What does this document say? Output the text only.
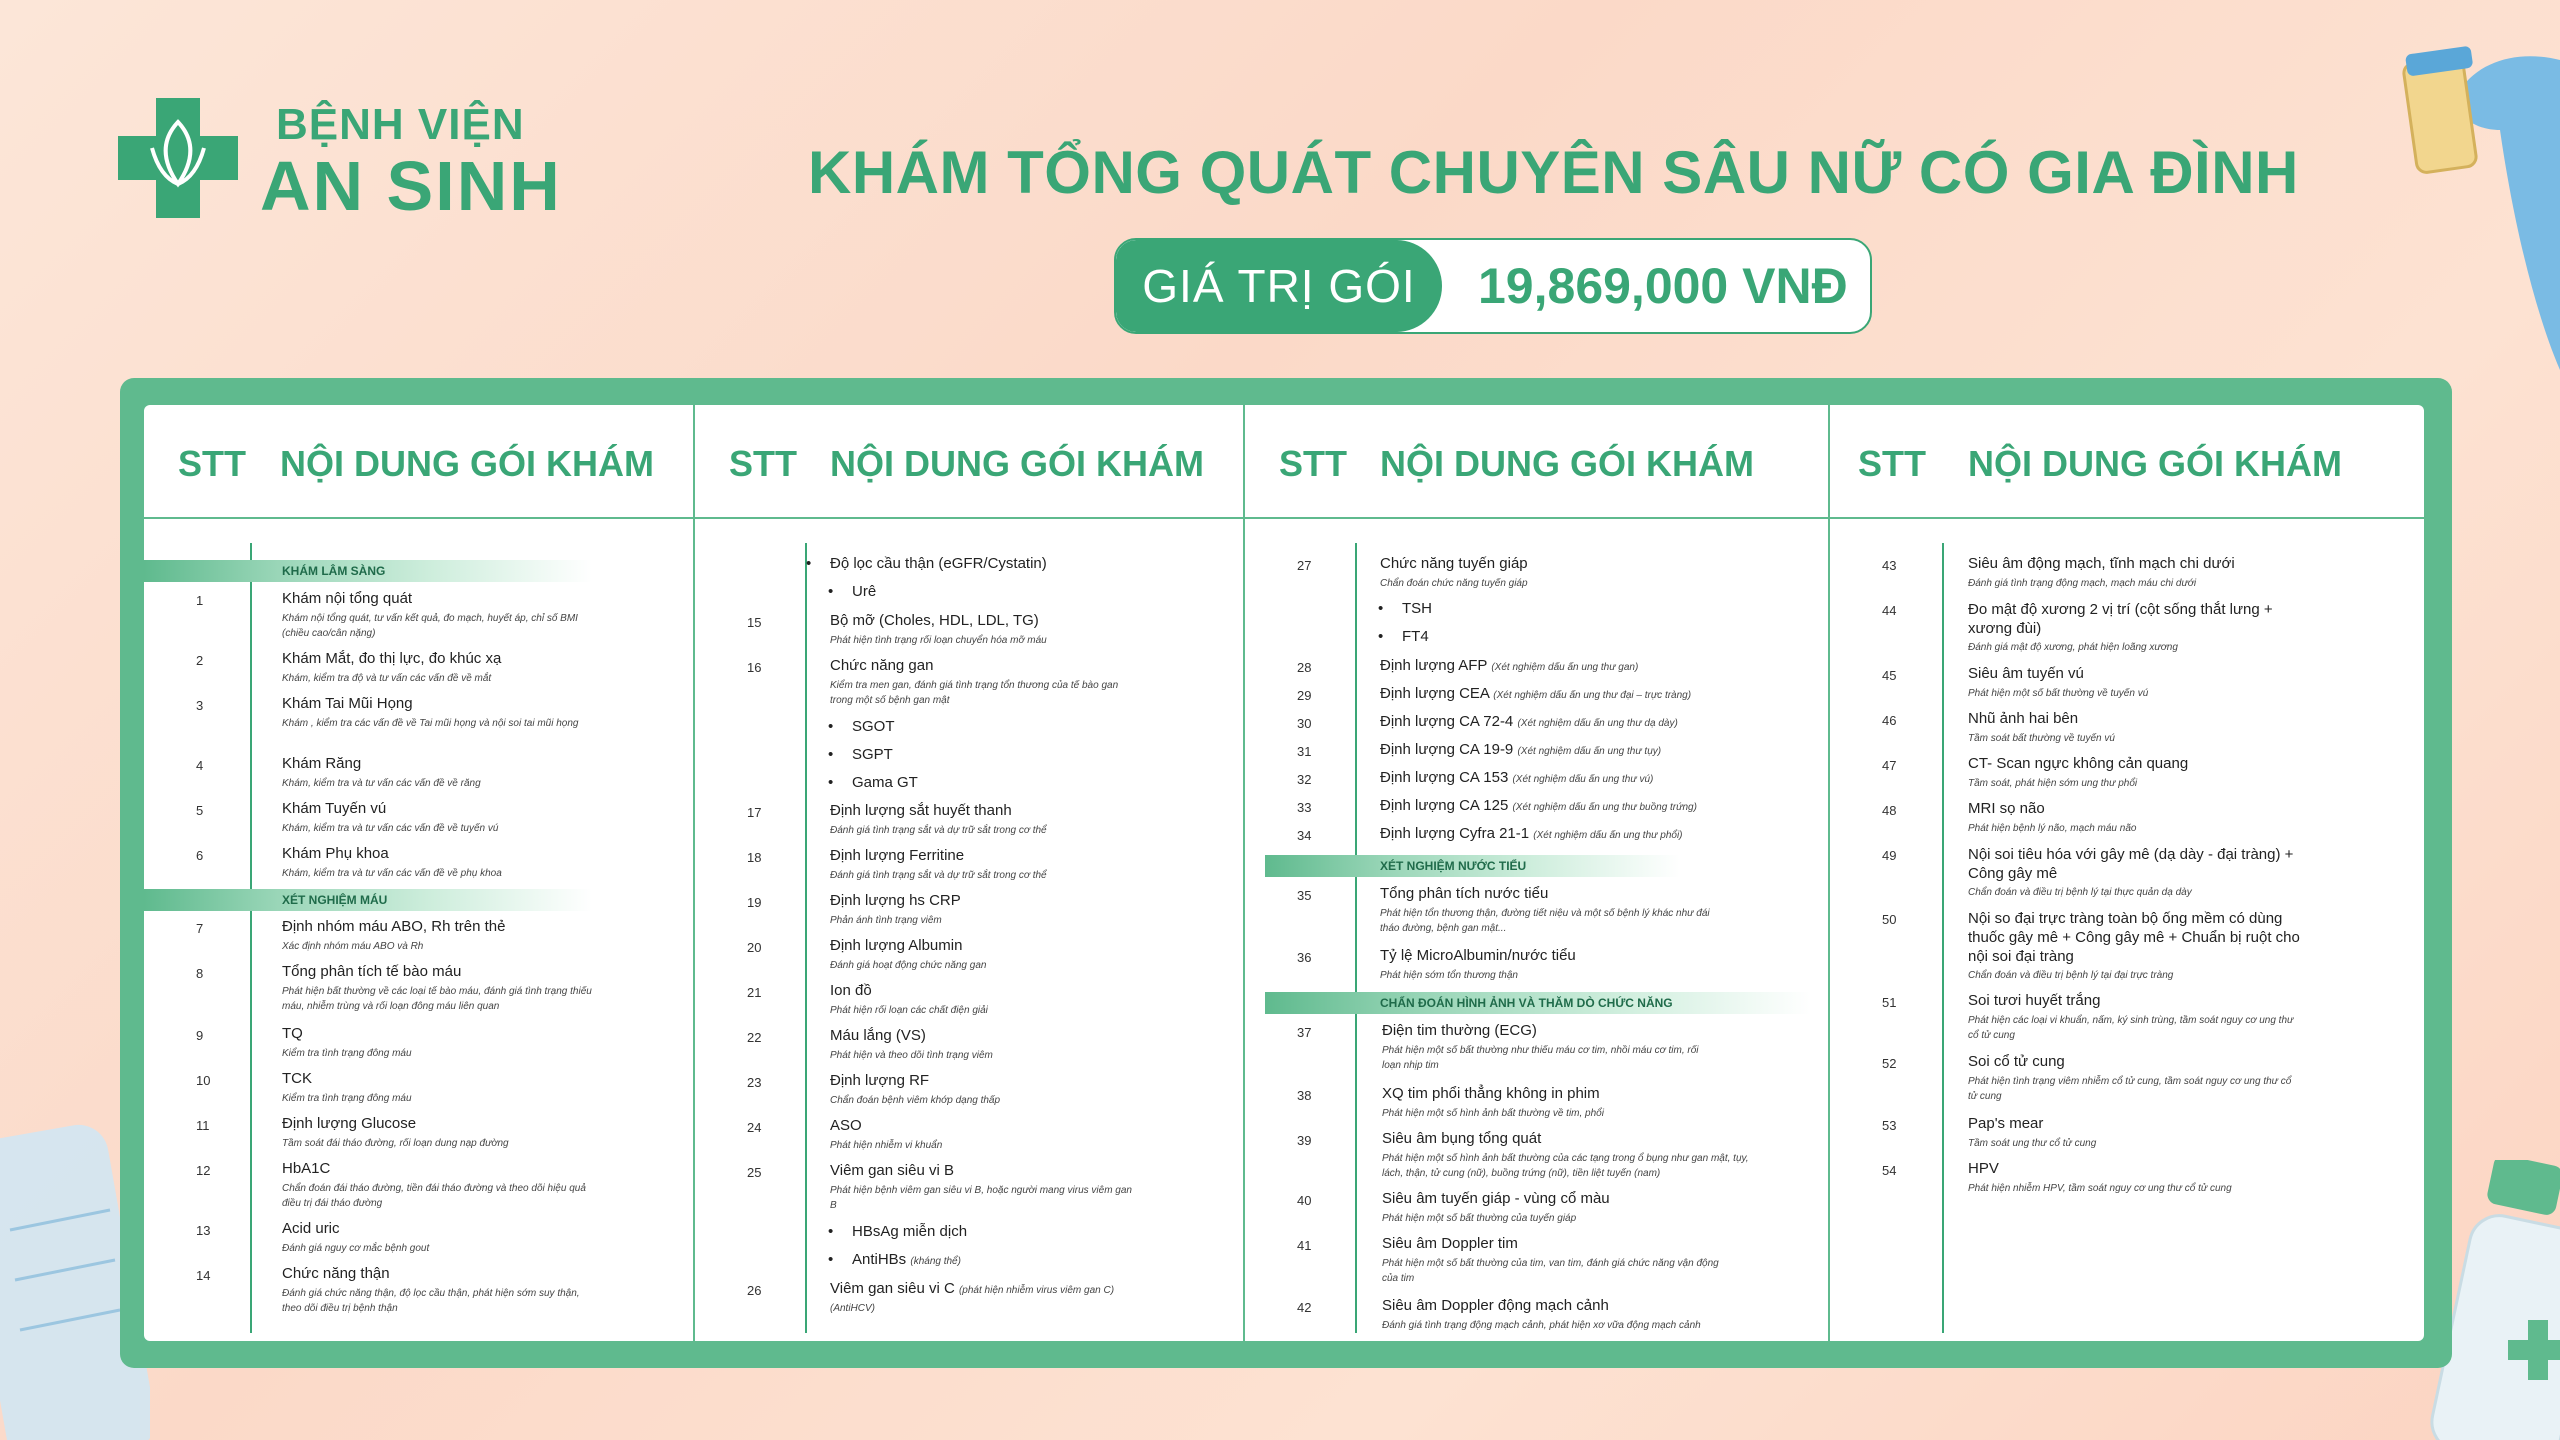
BỆNH VIỆN
AN SINH	KHÁM TỔNG QUÁT CHUYÊN SÂU NỮ CÓ GIA ĐÌNH
GIÁ TRỊ GÓI	19,869,000 VNĐ
STT NỘI DUNG GÓI KHÁM
KHÁM LÂM SÀNG
1	Khám nội tổng quát
Khám nội tổng quát, tư vấn kết quả, đo mạch, huyết áp, chỉ số BMI (chiều cao/cân nặng)
2	Khám Mắt, đo thị lực, đo khúc xạ
Khám, kiểm tra độ và tư vấn các vấn đề về mắt
3	Khám Tai Mũi Họng
Khám , kiểm tra các vấn đề về Tai mũi họng và nội soi tai mũi họng
4	Khám Răng
Khám, kiểm tra và tư vấn các vấn đề về răng
5	Khám Tuyến vú
Khám, kiểm tra và tư vấn các vấn đề về tuyến vú
6	Khám Phụ khoa
Khám, kiểm tra và tư vấn các vấn đề về phụ khoa
XÉT NGHIỆM MÁU
7	Định nhóm máu ABO, Rh trên thẻ
Xác định nhóm máu ABO và Rh
8	Tổng phân tích tế bào máu
Phát hiện bất thường về các loại tế bào máu, đánh giá tình trạng thiếu máu, nhiễm trùng và rối loạn đông máu liên quan
9	TQ
Kiểm tra tình trạng đông máu
10	TCK
Kiểm tra tình trạng đông máu
11	Định lượng Glucose
Tầm soát đái tháo đường, rối loạn dung nạp đường
12	HbA1C
Chẩn đoán đái tháo đường, tiền đái tháo đường và theo dõi hiệu quả điều trị đái tháo đường
13	Acid uric
Đánh giá nguy cơ mắc bệnh gout
14	Chức năng thận
Đánh giá chức năng thận, độ lọc cầu thận, phát hiện sớm suy thận, theo dõi điều trị bệnh thận
STT NỘI DUNG GÓI KHÁM
• Độ lọc cầu thận (eGFR/Cystatin)
• Urê
15	Bộ mỡ (Choles, HDL, LDL, TG)
Phát hiện tình trạng rối loạn chuyển hóa mỡ máu
16	Chức năng gan
Kiểm tra men gan, đánh giá tình trạng tổn thương của tế bào gan trong một số bệnh gan mật
• SGOT
• SGPT
• Gama GT
17	Định lượng sắt huyết thanh
Đánh giá tình trạng sắt và dự trữ sắt trong cơ thể
18	Định lượng Ferritine
Đánh giá tình trạng sắt và dự trữ sắt trong cơ thể
19	Định lượng hs CRP
Phản ánh tình trạng viêm
20	Định lượng Albumin
Đánh giá hoạt động chức năng gan
21	Ion đồ
Phát hiện rối loạn các chất điện giải
22	Máu lắng (VS)
Phát hiện và theo dõi tình trạng viêm
23	Định lượng RF
Chẩn đoán bệnh viêm khớp dạng thấp
24	ASO
Phát hiện nhiễm vi khuẩn
25	Viêm gan siêu vi B
Phát hiện bệnh viêm gan siêu vi B, hoặc người mang virus viêm gan B
• HBsAg miễn dịch
• AntiHBs (kháng thể)
26	Viêm gan siêu vi C (phát hiện nhiễm virus viêm gan C)
(AntiHCV)
STT NỘI DUNG GÓI KHÁM
27	Chức năng tuyến giáp
Chẩn đoán chức năng tuyến giáp
• TSH
• FT4
28	Định lượng AFP (Xét nghiệm dấu ấn ung thư gan)
29	Định lượng CEA (Xét nghiệm dấu ấn ung thư đại – trực tràng)
30	Định lượng CA 72-4 (Xét nghiệm dấu ấn ung thư dạ dày)
31	Định lượng CA 19-9 (Xét nghiệm dấu ấn ung thư tụy)
32	Định lượng CA 153 (Xét nghiệm dấu ấn ung thư vú)
33	Định lượng CA 125 (Xét nghiệm dấu ấn ung thư buồng trứng)
34	Định lượng Cyfra 21-1 (Xét nghiệm dấu ấn ung thư phổi)
XÉT NGHIỆM NƯỚC TIỂU
35	Tổng phân tích nước tiểu
Phát hiện tổn thương thận, đường tiết niệu và một số bệnh lý khác như đái tháo đường, bệnh gan mật...
36	Tỷ lệ MicroAlbumin/nước tiểu
Phát hiện sớm tổn thương thận
CHẨN ĐOÁN HÌNH ẢNH VÀ THĂM DÒ CHỨC NĂNG
37	Điện tim thường (ECG)
Phát hiện một số bất thường như thiếu máu cơ tim, nhồi máu cơ tim, rối loạn nhịp tim
38	XQ tim phổi thẳng không in phim
Phát hiện một số hình ảnh bất thường về tim, phổi
39	Siêu âm bụng tổng quát
Phát hiện một số hình ảnh bất thường của các tạng trong ổ bụng như gan mật, tụy, lách, thận, tử cung (nữ), buồng trứng (nữ), tiền liệt tuyến (nam)
40	Siêu âm tuyến giáp - vùng cổ màu
Phát hiện một số bất thường của tuyến giáp
41	Siêu âm Doppler tim
Phát hiện một số bất thường của tim, van tim, đánh giá chức năng vận động của tim
42	Siêu âm Doppler động mạch cảnh
Đánh giá tình trạng động mạch cảnh, phát hiện xơ vữa động mạch cảnh
STT NỘI DUNG GÓI KHÁM
43	Siêu âm động mạch, tĩnh mạch chi dưới
Đánh giá tình trạng động mạch, mạch máu chi dưới
44	Đo mật độ xương 2 vị trí (cột sống thắt lưng + xương đùi)
Đánh giá mật độ xương, phát hiện loãng xương
45	Siêu âm tuyến vú
Phát hiện một số bất thường về tuyến vú
46	Nhũ ảnh hai bên
Tầm soát bất thường về tuyến vú
47	CT- Scan ngực không cản quang
Tầm soát, phát hiện sớm ung thư phổi
48	MRI sọ não
Phát hiện bệnh lý não, mạch máu não
49	Nội soi tiêu hóa với gây mê (dạ dày - đại tràng) + Công gây mê
Chẩn đoán và điều trị bệnh lý tại thực quản dạ dày
50	Nội so đại trực tràng toàn bộ ống mềm có dùng thuốc gây mê + Công gây mê + Chuẩn bị ruột cho nội soi đại tràng
Chẩn đoán và điều trị bệnh lý tại đại trực tràng
51	Soi tươi huyết trắng
Phát hiện các loại vi khuẩn, nấm, ký sinh trùng, tầm soát nguy cơ ung thư cổ tử cung
52	Soi cổ tử cung
Phát hiện tình trạng viêm nhiễm cổ tử cung, tầm soát nguy cơ ung thư cổ tử cung
53	Pap's mear
Tầm soát ung thư cổ tử cung
54	HPV
Phát hiện nhiễm HPV, tầm soát nguy cơ ung thư cổ tử cung
